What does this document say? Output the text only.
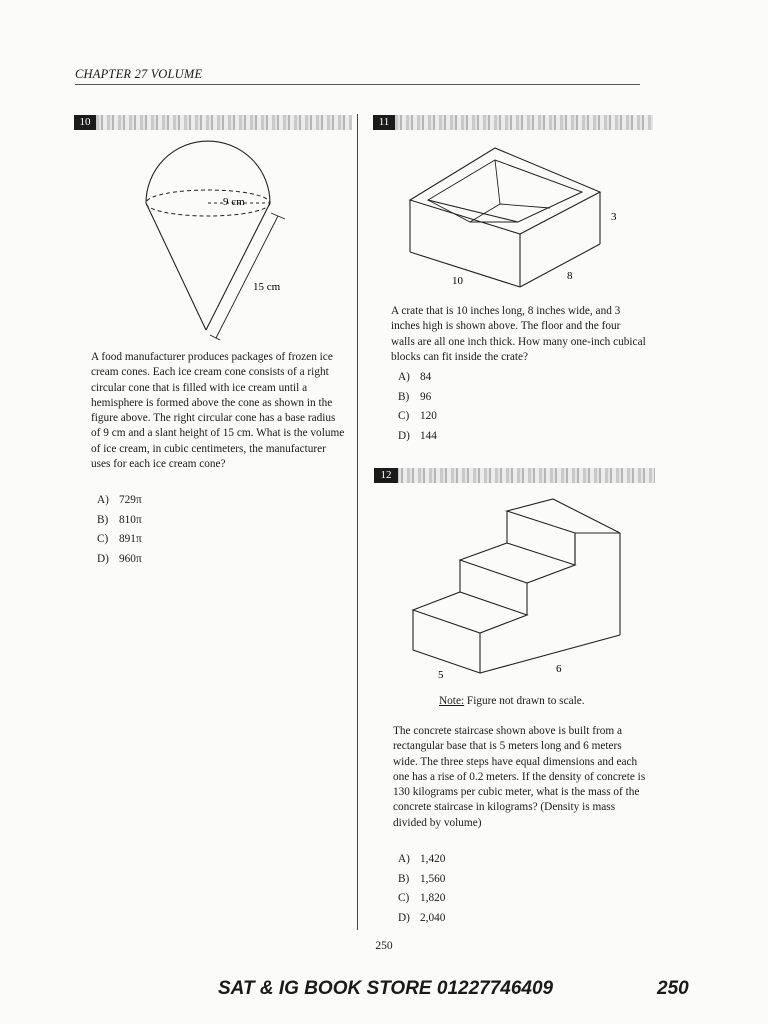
CHAPTER 27 VOLUME
10
9 cm
15 cm
A food manufacturer produces packages of frozen ice cream cones. Each ice cream cone consists of a right circular cone that is filled with ice cream until a hemisphere is formed above the cone as shown in the figure above. The right circular cone has a base radius of 9 cm and a slant height of 15 cm. What is the volume of ice cream, in cubic centimeters, the manufacturer uses for each ice cream cone?
A) 729π
B) 810π
C) 891π
D) 960π
11
10	8
3
A crate that is 10 inches long, 8 inches wide, and 3 inches high is shown above. The floor and the four walls are all one inch thick. How many one-inch cubical blocks can fit inside the crate?
A) 84
B) 96
C) 120
D) 144
12
5	6
Note: Figure not drawn to scale.
The concrete staircase shown above is built from a rectangular base that is 5 meters long and 6 meters wide. The three steps have equal dimensions and each one has a rise of 0.2 meters. If the density of concrete is 130 kilograms per cubic meter, what is the mass of the concrete staircase in kilograms? (Density is mass divided by volume)
A) 1,420
B) 1,560
C) 1,820
D) 2,040
250
SAT & IG BOOK STORE 01227746409	250
